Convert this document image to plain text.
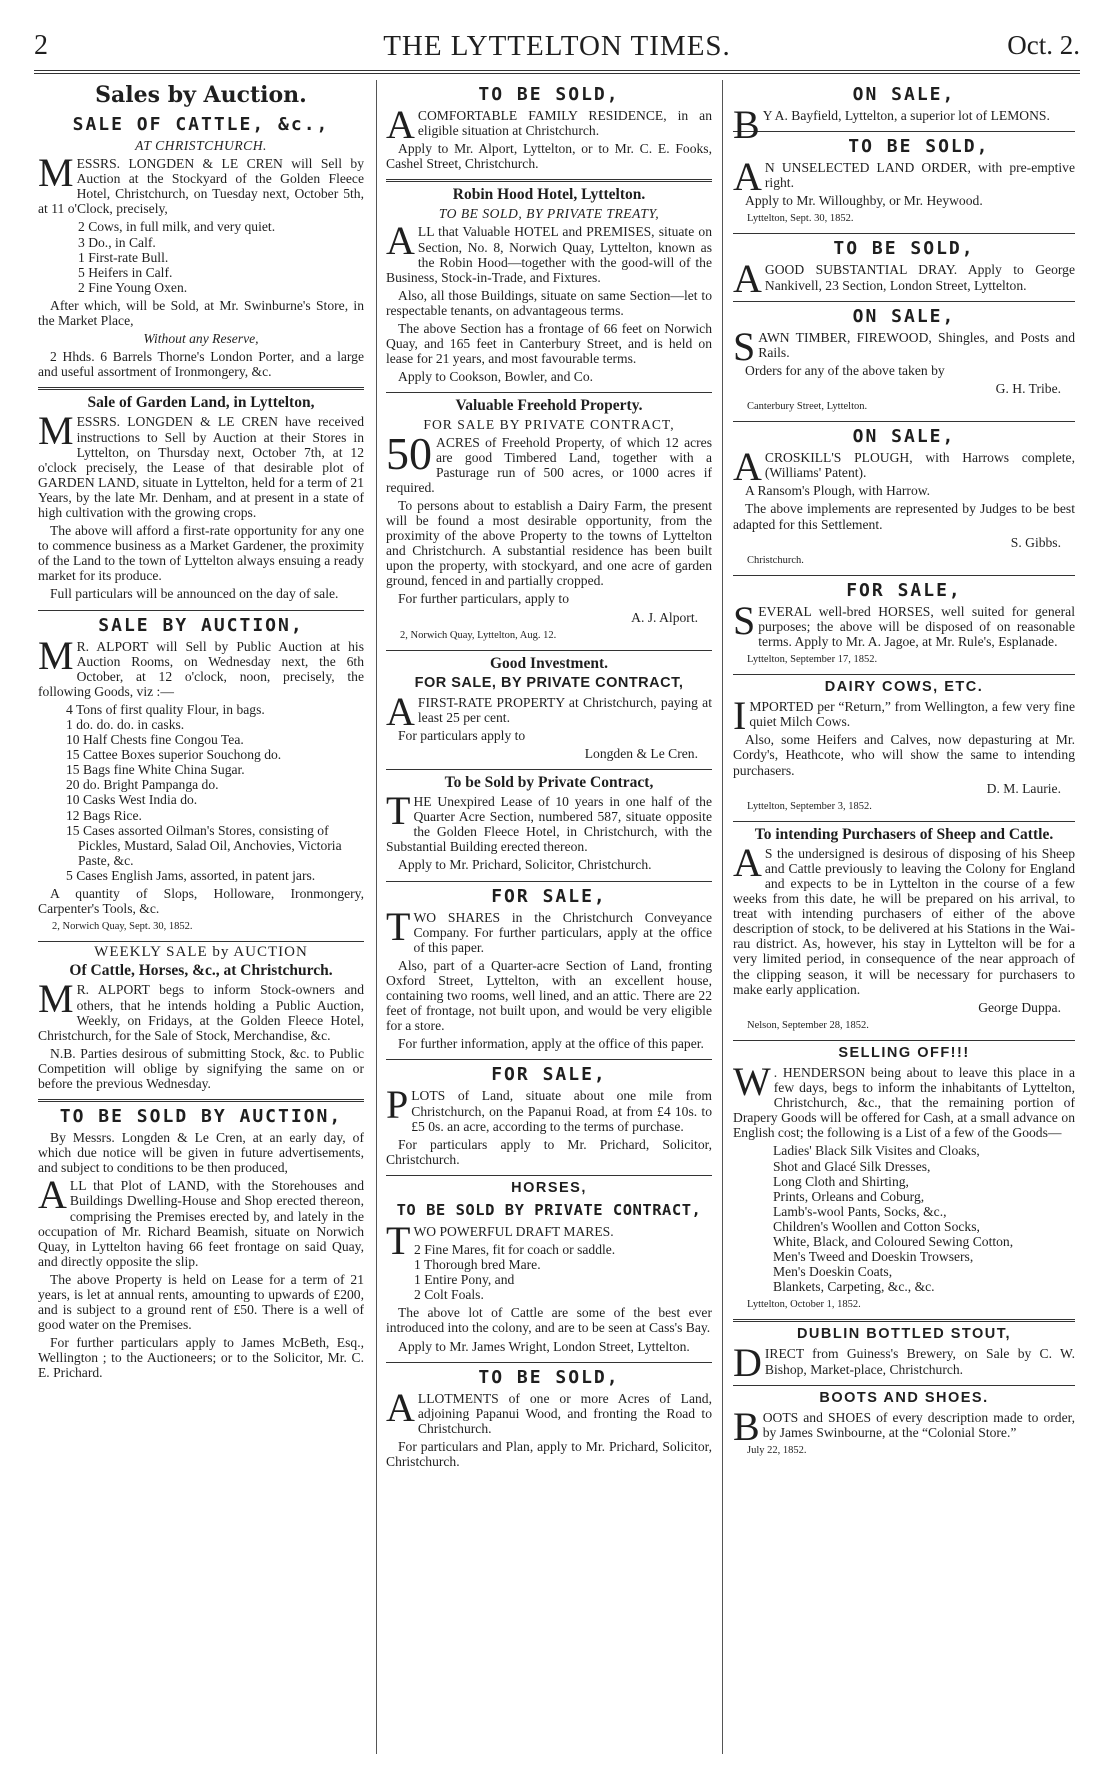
2	THE LYTTELTON TIMES.	Oct. 2.
Sales by Auction.
SALE OF CATTLE, &c.,
AT CHRISTCHURCH.

MESSRS. LONGDEN & LE CREN will Sell by Auction at the Stockyard of the Golden Fleece Hotel, Christchurch, on Tuesday next, October 5th, at 11 o'Clock, precisely,

2 Cows, in full milk, and very quiet.
3 Do., in Calf.
1 First-rate Bull.
5 Heifers in Calf.
2 Fine Young Oxen.

After which, will be Sold, at Mr. Swinburne's Store, in the Market Place,

Without any Reserve,

2 Hhds. 6 Barrels Thorne's London Porter, and a large and useful assortment of Ironmongery, &c.

Sale of Garden Land, in Lyttelton,

MESSRS. LONGDEN & LE CREN have received instructions to Sell by Auction at their Stores in Lyttelton, on Thursday next, October 7th, at 12 o'clock precisely, the Lease of that desirable plot of GARDEN LAND, situate in Lyttelton, held for a term of 21 Years, by the late Mr. Denham, and at present in a state of high cultivation with the growing crops.

The above will afford a first-rate opportunity for any one to commence business as a Market Gardener, the proximity of the Land to the town of Lyttelton always ensuing a ready market for its produce.

Full particulars will be announced on the day of sale.

SALE BY AUCTION,

M R. ALPORT will Sell by Public Auction at his Auction Rooms, on Wednesday next, the 6th October, at 12 o'clock, noon, precisely, the following Goods, viz :—

4 Tons of first quality Flour, in bags.
1 do. do. do. in casks.
10 Half Chests fine Congou Tea.
15 Cattee Boxes superior Souchong do.
15 Bags fine White China Sugar.
20 do. Bright Pampanga do.
10 Casks West India do.
12 Bags Rice.
15 Cases assorted Oilman's Stores, consisting of Pickles, Mustard, Salad Oil, Anchovies, Victoria Paste, &c.
5 Cases English Jams, assorted, in patent jars.

A quantity of Slops, Holloware, Ironmongery, Carpenter's Tools, &c.

2, Norwich Quay, Sept. 30, 1852.

WEEKLY SALE by AUCTION
Of Cattle, Horses, &c., at Christchurch.

M R. ALPORT begs to inform Stock-owners and others, that he intends holding a Public Auction, Weekly, on Fridays, at the Golden Fleece Hotel, Christchurch, for the Sale of Stock, Merchandise, &c.

N.B. Parties desirous of submitting Stock, &c. to Public Competition will oblige by signifying the same on or before the previous Wednesday.

TO BE SOLD BY AUCTION,

By Messrs. Longden & Le Cren, at an early day, of which due notice will be given in future advertisements, and subject to conditions to be then produced,

ALL that Plot of LAND, with the Storehouses and Buildings Dwelling-House and Shop erected thereon, comprising the Premises erected by, and lately in the occupation of Mr. Richard Beamish, situate on Norwich Quay, in Lyttelton having 66 feet frontage on said Quay, and directly opposite the slip.

The above Property is held on Lease for a term of 21 years, is let at annual rents, amounting to upwards of £200, and is subject to a ground rent of £50. There is a well of good water on the Premises.

For further particulars apply to James McBeth, Esq., Wellington ; to the Auctioneers; or to the Solicitor, Mr. C. E. Prichard.

TO BE SOLD,

ACOMFORTABLE FAMILY RESIDENCE, in an eligible situation at Christchurch.

Apply to Mr. Alport, Lyttelton, or to Mr. C. E. Fooks, Cashel Street, Christchurch.

Robin Hood Hotel, Lyttelton.
TO BE SOLD, BY PRIVATE TREATY,

ALL that Valuable HOTEL and PREMISES, situate on Section, No. 8, Norwich Quay, Lyttelton, known as the Robin Hood—together with the good-will of the Business, Stock-in-Trade, and Fixtures.

Also, all those Buildings, situate on same Section—let to respectable tenants, on advantageous terms.

The above Section has a frontage of 66 feet on Norwich Quay, and 165 feet in Canterbury Street, and is held on lease for 21 years, and most favourable terms.

Apply to Cookson, Bowler, and Co.

Valuable Freehold Property.
FOR SALE BY PRIVATE CONTRACT,

50 ACRES of Freehold Property, of which 12 acres are good Timbered Land, together with a Pasturage run of 500 acres, or 1000 acres if required.

To persons about to establish a Dairy Farm, the present will be found a most desirable opportunity, from the proximity of the above Property to the towns of Lyttelton and Christchurch. A substantial residence has been built upon the property, with stockyard, and one acre of garden ground, fenced in and partially cropped.

For further particulars, apply to

A. J. Alport.

2, Norwich Quay, Lyttelton, Aug. 12.

Good Investment.
FOR SALE, BY PRIVATE CONTRACT,

AFIRST-RATE PROPERTY at Christchurch, paying at least 25 per cent.

For particulars apply to

Longden & Le Cren.

To be Sold by Private Contract,

THE Unexpired Lease of 10 years in one half of the Quarter Acre Section, numbered 587, situate opposite the Golden Fleece Hotel, in Christchurch, with the Substantial Building erected thereon.

Apply to Mr. Prichard, Solicitor, Christchurch.

FOR SALE,

TWO SHARES in the Christchurch Conveyance Company. For further particulars, apply at the office of this paper.

Also, part of a Quarter-acre Section of Land, fronting Oxford Street, Lyttelton, with an excellent house, containing two rooms, well lined, and an attic. There are 22 feet of frontage, not built upon, and would be very eligible for a store.

For further information, apply at the office of this paper.

FOR SALE,

PLOTS of Land, situate about one mile from Christchurch, on the Papanui Road, at from £4 10s. to £5 0s. an acre, according to the terms of purchase.

For particulars apply to Mr. Prichard, Solicitor, Christchurch.

HORSES,
TO BE SOLD BY PRIVATE CONTRACT,

TWO POWERFUL DRAFT MARES.

2 Fine Mares, fit for coach or saddle.
1 Thorough bred Mare.
1 Entire Pony, and
2 Colt Foals.

The above lot of Cattle are some of the best ever introduced into the colony, and are to be seen at Cass's Bay.

Apply to Mr. James Wright, London Street, Lyttelton.

TO BE SOLD,

ALLOTMENTS of one or more Acres of Land, adjoining Papanui Wood, and fronting the Road to Christchurch.

For particulars and Plan, apply to Mr. Prichard, Solicitor, Christchurch.

ON SALE,

B Y A. Bayfield, Lyttelton, a superior lot of LEMONS.

TO BE SOLD,

A N UNSELECTED LAND ORDER, with pre-emptive right.

Apply to Mr. Willoughby, or Mr. Heywood.

Lyttelton, Sept. 30, 1852.

TO BE SOLD,

AGOOD SUBSTANTIAL DRAY. Apply to George Nankivell, 23 Section, London Street, Lyttelton.

ON SALE,

SAWN TIMBER, FIREWOOD, Shingles, and Posts and Rails.

Orders for any of the above taken by

G. H. Tribe.

Canterbury Street, Lyttelton.

ON SALE,

ACROSKILL'S PLOUGH, with Harrows complete, (Williams' Patent).

A Ransom's Plough, with Harrow.

The above implements are represented by Judges to be best adapted for this Settlement.

S. Gibbs.

Christchurch.

FOR SALE,

SEVERAL well-bred HORSES, well suited for general purposes; the above will be disposed of on reasonable terms. Apply to Mr. A. Jagoe, at Mr. Rule's, Esplanade.

Lyttelton, September 17, 1852.

DAIRY COWS, ETC.

IMPORTED per “Return,” from Wellington, a few very fine quiet Milch Cows.

Also, some Heifers and Calves, now depasturing at Mr. Cordy's, Heathcote, who will show the same to intending purchasers.

D. M. Laurie.

Lyttelton, September 3, 1852.

To intending Purchasers of Sheep and Cattle.

A S the undersigned is desirous of disposing of his Sheep and Cattle previously to leaving the Colony for England and expects to be in Lyttelton in the course of a few weeks from this date, he will be prepared on his arrival, to treat with intending purchasers of either of the above description of stock, to be delivered at his Stations in the Wai-rau district. As, however, his stay in Lyttelton will be for a very limited period, in consequence of the near approach of the clipping season, it will be necessary for purchasers to make early application.

George Duppa.

Nelson, September 28, 1852.

SELLING OFF!!!

W . HENDERSON being about to leave this place in a few days, begs to inform the inhabitants of Lyttelton, Christchurch, &c., that the remaining portion of Drapery Goods will be offered for Cash, at a small advance on English cost; the following is a List of a few of the Goods—

Ladies' Black Silk Visites and Cloaks,
Shot and Glacé Silk Dresses,
Long Cloth and Shirting,
Prints, Orleans and Coburg,
Lamb's-wool Pants, Socks, &c.,
Children's Woollen and Cotton Socks,
White, Black, and Coloured Sewing Cotton,
Men's Tweed and Doeskin Trowsers,
Men's Doeskin Coats,
Blankets, Carpeting, &c., &c.

Lyttelton, October 1, 1852.

DUBLIN BOTTLED STOUT,

DIRECT from Guiness's Brewery, on Sale by C. W. Bishop, Market-place, Christchurch.

BOOTS AND SHOES.

BOOTS and SHOES of every description made to order, by James Swinbourne, at the “Colonial Store.”

July 22, 1852.
